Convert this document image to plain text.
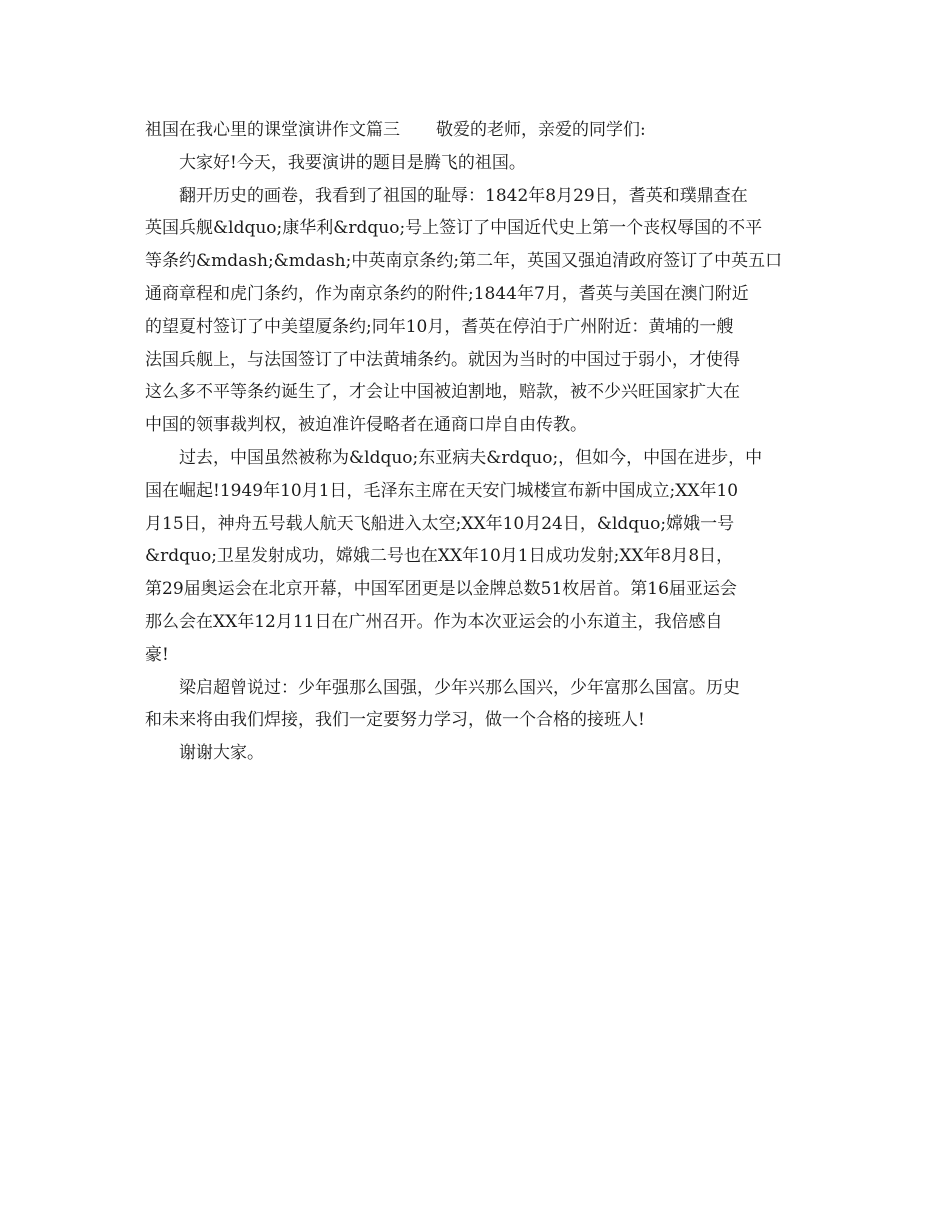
祖国在我心里的课堂演讲作文篇三 敬爱的老师，亲爱的同学们:
大家好!今天，我要演讲的题目是腾飞的祖国。
翻开历史的画卷，我看到了祖国的耻辱：1842年8月29日，耆英和璞鼎查在
英国兵舰&ldquo;康华利&rdquo;号上签订了中国近代史上第一个丧权辱国的不平
等条约&mdash;&mdash;中英南京条约;第二年，英国又强迫清政府签订了中英五口
通商章程和虎门条约，作为南京条约的附件;1844年7月，耆英与美国在澳门附近
的望夏村签订了中美望厦条约;同年10月，耆英在停泊于广州附近：黄埔的一艘
法国兵舰上，与法国签订了中法黄埔条约。就因为当时的中国过于弱小，才使得
这么多不平等条约诞生了，才会让中国被迫割地，赔款，被不少兴旺国家扩大在
中国的领事裁判权，被迫准许侵略者在通商口岸自由传教。
过去，中国虽然被称为&ldquo;东亚病夫&rdquo;，但如今，中国在进步，中
国在崛起!1949年10月1日，毛泽东主席在天安门城楼宣布新中国成立;XX年10
月15日，神舟五号载人航天飞船进入太空;XX年10月24日，&ldquo;嫦娥一号
&rdquo;卫星发射成功，嫦娥二号也在XX年10月1日成功发射;XX年8月8日，
第29届奥运会在北京开幕，中国军团更是以金牌总数51枚居首。第16届亚运会
那么会在XX年12月11日在广州召开。作为本次亚运会的小东道主，我倍感自
豪!
梁启超曾说过：少年强那么国强，少年兴那么国兴，少年富那么国富。历史
和未来将由我们焊接，我们一定要努力学习，做一个合格的接班人!
谢谢大家。
